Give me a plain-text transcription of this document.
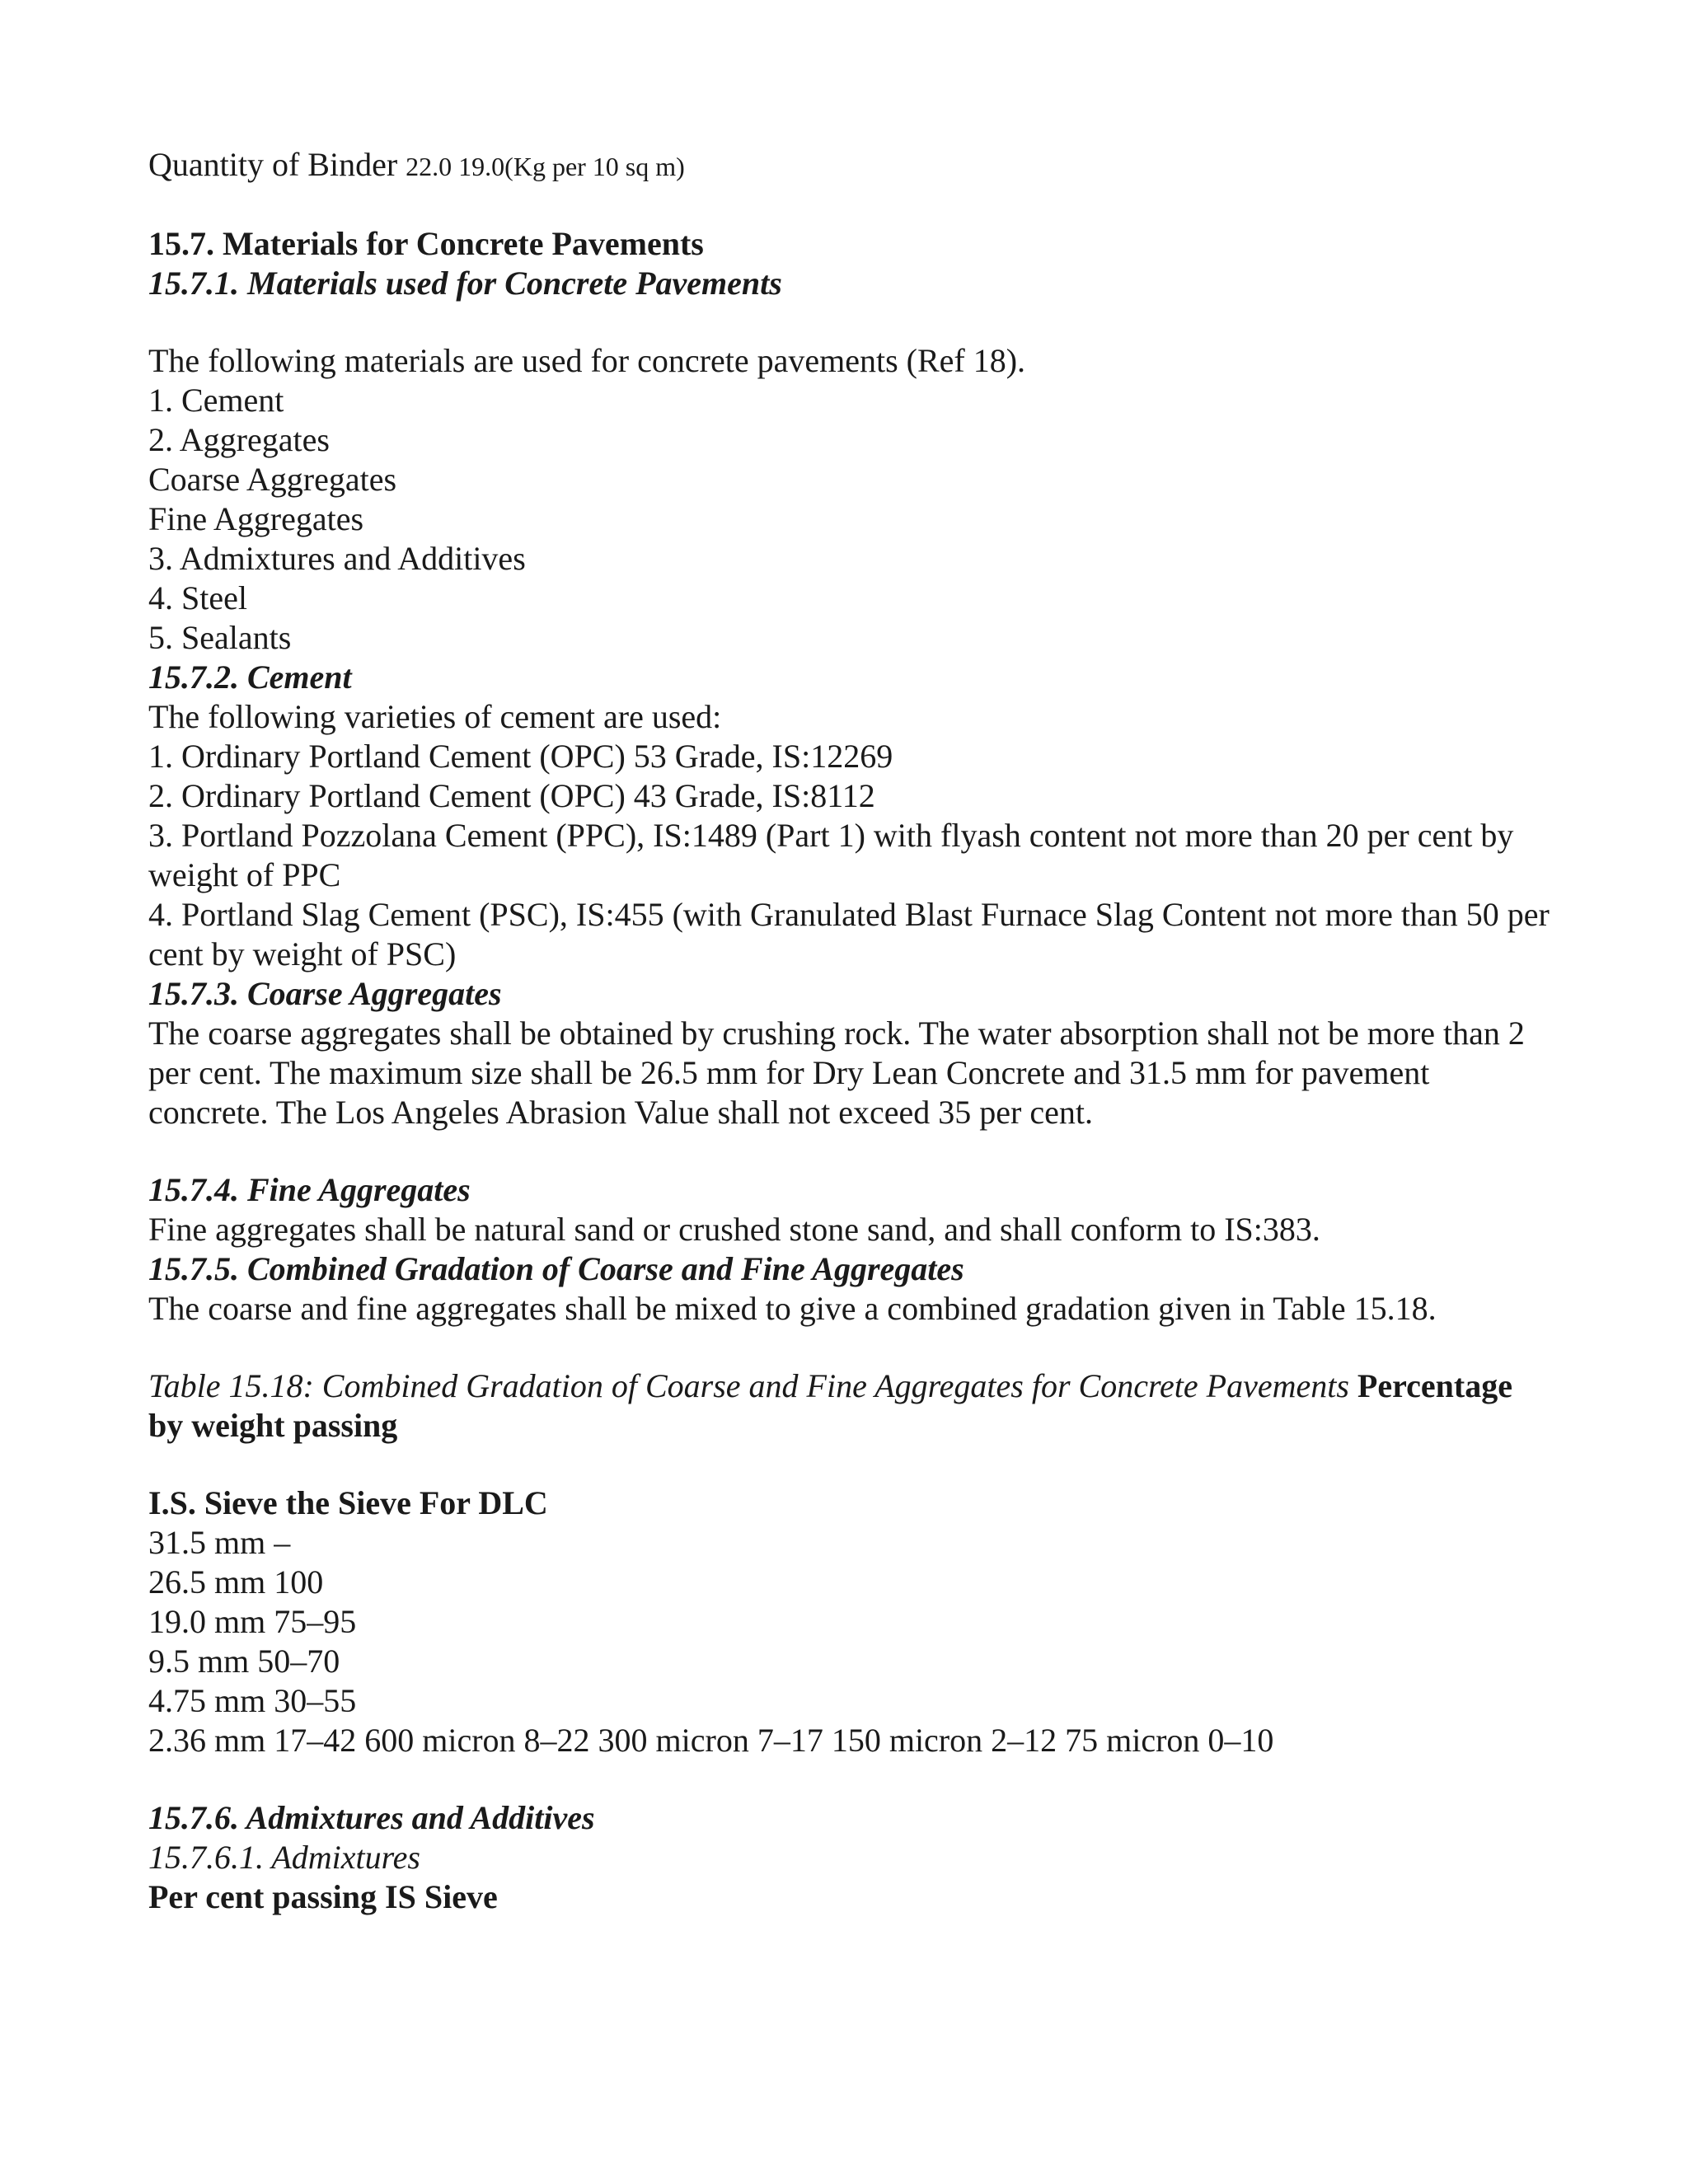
Quantity of Binder 22.0 19.0(Kg per 10 sq m)

15.7. Materials for Concrete Pavements

15.7.1. Materials used for Concrete Pavements

The following materials are used for concrete pavements (Ref 18).

1. Cement

2. Aggregates

Coarse Aggregates

Fine Aggregates

3. Admixtures and Additives

4. Steel

5. Sealants

15.7.2. Cement

The following varieties of cement are used:

1. Ordinary Portland Cement (OPC) 53 Grade, IS:12269

2. Ordinary Portland Cement (OPC) 43 Grade, IS:8112

3. Portland Pozzolana Cement (PPC), IS:1489 (Part 1) with flyash content not more than 20 per cent by weight of PPC

4. Portland Slag Cement (PSC), IS:455 (with Granulated Blast Furnace Slag Content not more than 50 per cent by weight of PSC)

15.7.3. Coarse Aggregates

The coarse aggregates shall be obtained by crushing rock. The water absorption shall not be more than 2 per cent. The maximum size shall be 26.5 mm for Dry Lean Concrete and 31.5 mm for pavement concrete. The Los Angeles Abrasion Value shall not exceed 35 per cent.

15.7.4. Fine Aggregates

Fine aggregates shall be natural sand or crushed stone sand, and shall conform to IS:383.

15.7.5. Combined Gradation of Coarse and Fine Aggregates

The coarse and fine aggregates shall be mixed to give a combined gradation given in Table 15.18.

Table 15.18: Combined Gradation of Coarse and Fine Aggregates for Concrete Pavements Percentage by weight passing

I.S. Sieve the Sieve For DLC

31.5 mm –

26.5 mm 100

19.0 mm 75–95

9.5 mm 50–70

4.75 mm 30–55

2.36 mm 17–42 600 micron 8–22 300 micron 7–17 150 micron 2–12 75 micron 0–10

15.7.6. Admixtures and Additives

15.7.6.1. Admixtures

Per cent passing IS Sieve
